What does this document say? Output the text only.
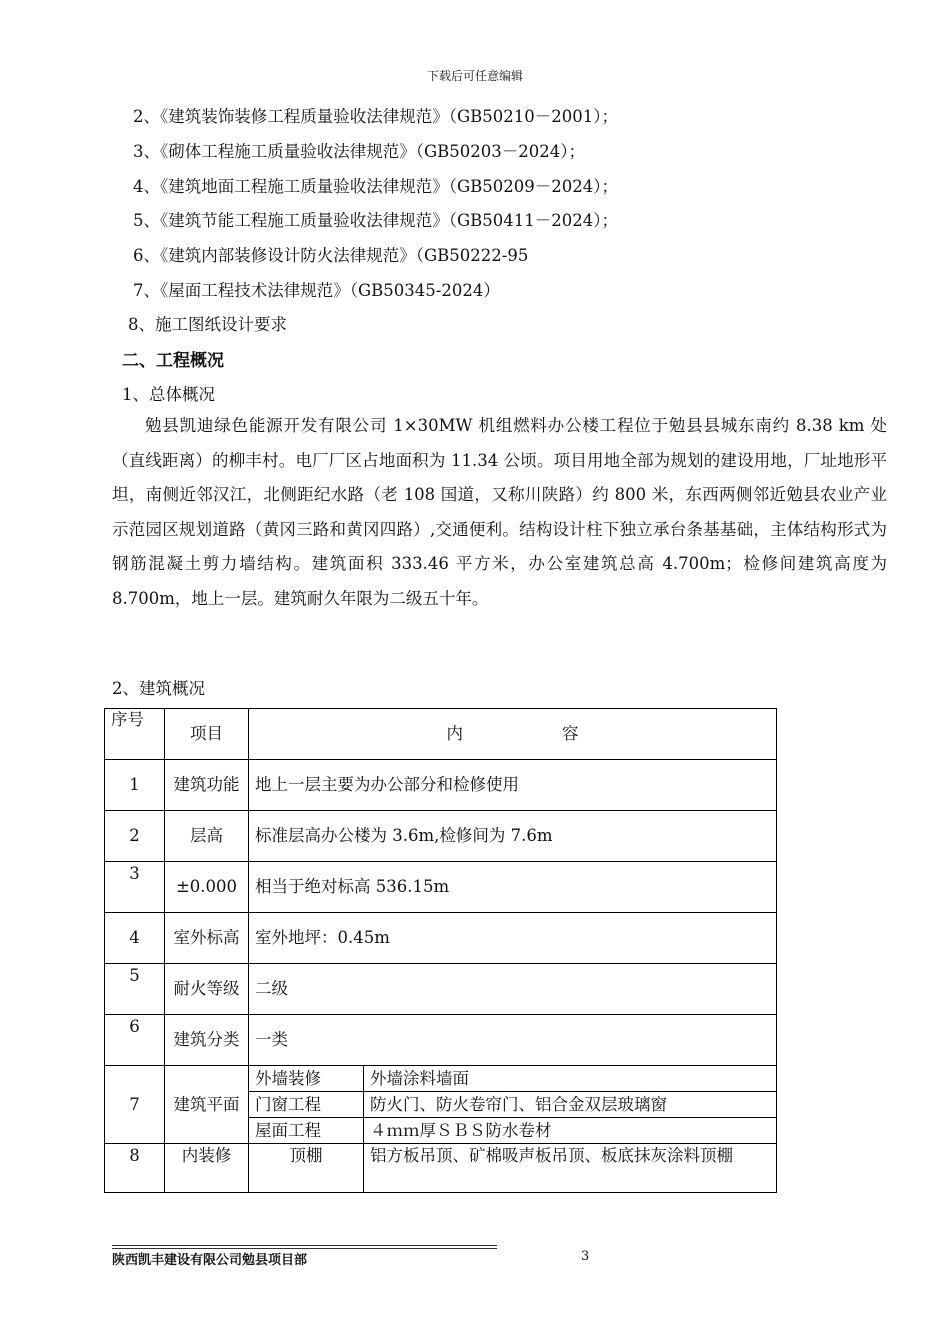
下载后可任意编辑
2、《建筑装饰装修工程质量验收法律规范》（GB50210－2001）；
3、《砌体工程施工质量验收法律规范》（GB50203－2024）；
4、《建筑地面工程施工质量验收法律规范》（GB50209－2024）；
5、《建筑节能工程施工质量验收法律规范》（GB50411－2024）；
6、《建筑内部装修设计防火法律规范》（GB50222-95
7、《屋面工程技术法律规范》（GB50345-2024）
8、施工图纸设计要求
二、工程概况
1、总体概况

勉县凯迪绿色能源开发有限公司 1×30MW 机组燃料办公楼工程位于勉县县城东南约 8.38 km 处（直线距离）的柳丰村。电厂厂区占地面积为 11.34 公顷。项目用地全部为规划的建设用地，厂址地形平坦，南侧近邻汉江，北侧距纪水路（老 108 国道，又称川陕路）约 800 米，东西两侧邻近勉县农业产业示范园区规划道路（黄冈三路和黄冈四路）,交通便利。结构设计柱下独立承台条基基础，主体结构形式为钢筋混凝土剪力墙结构。建筑面积 333.46 平方米，办公室建筑总高 4.700m；检修间建筑高度为 8.700m，地上一层。建筑耐久年限为二级五十年。

2、建筑概况
序号	项目	内　　　　　　容	
1	建筑功能	地上一层主要为办公部分和检修使用	
2	层高	标准层高办公楼为 3.6m,检修间为 7.6m	
3	±0.000	相当于绝对标高 536.15m	
4	室外标高	室外地坪：0.45m	
5	耐火等级	二级	
6	建筑分类	一类	
7	建筑平面	外墙装修	外墙涂料墙面
		门窗工程	防火门、防火卷帘门、铝合金双层玻璃窗
		屋面工程	４ｍｍ厚ＳＢＳ防水卷材
8	内装修	顶棚	铝方板吊顶、矿棉吸声板吊顶、板底抹灰涂料顶棚
陕西凯丰建设有限公司勉县项目部	3
